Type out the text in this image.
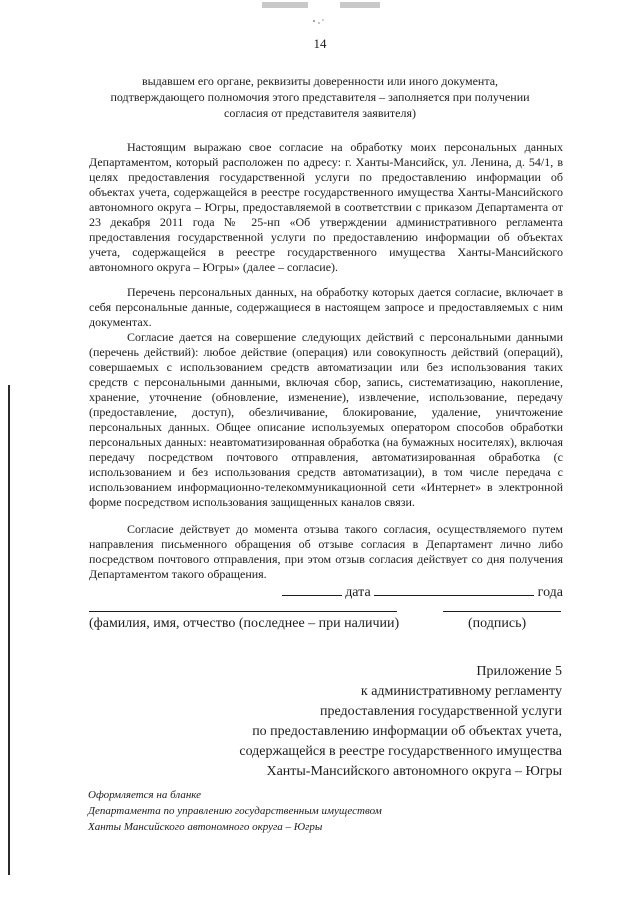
14
выдавшем его органе, реквизиты доверенности или иного документа,
подтверждающего полномочия этого представителя – заполняется при получении
согласия от представителя заявителя)

Настоящим выражаю свое согласие на обработку моих персональных данных Департаментом, который расположен по адресу: г. Ханты-Мансийск, ул. Ленина, д. 54/1, в целях предоставления государственной услуги по предоставлению информации об объектах учета, содержащейся в реестре государственного имущества Ханты-Мансийского автономного округа – Югры, предоставляемой в соответствии с приказом Департамента от 23 декабря 2011 года № 25-нп «Об утверждении административного регламента предоставления государственной услуги по предоставлению информации об объектах учета, содержащейся в реестре государственного имущества Ханты-Мансийского автономного округа – Югры» (далее – согласие).

Перечень персональных данных, на обработку которых дается согласие, включает в себя персональные данные, содержащиеся в настоящем запросе и предоставляемых с ним документах.

Согласие дается на совершение следующих действий с персональными данными (перечень действий): любое действие (операция) или совокупность действий (операций), совершаемых с использованием средств автоматизации или без использования таких средств с персональными данными, включая сбор, запись, систематизацию, накопление, хранение, уточнение (обновление, изменение), извлечение, использование, передачу (предоставление, доступ), обезличивание, блокирование, удаление, уничтожение персональных данных. Общее описание используемых оператором способов обработки персональных данных: неавтоматизированная обработка (на бумажных носителях), включая передачу посредством почтового отправления, автоматизированная обработка (с использованием и без использования средств автоматизации), в том числе передача с использованием информационно-телекоммуникационной сети «Интернет» в электронной форме посредством использования защищенных каналов связи.

Согласие действует до момента отзыва такого согласия, осуществляемого путем направления письменного обращения об отзыве согласия в Департамент лично либо посредством почтового отправления, при этом отзыв согласия действует со дня получения Департаментом такого обращения.

дата	года
(фамилия, имя, отчество (последнее – при наличии)	(подпись)
Приложение 5
к административному регламенту
предоставления государственной услуги
по предоставлению информации об объектах учета,
содержащейся в реестре государственного имущества
Ханты-Мансийского автономного округа – Югры
Оформляется на бланке
Департамента по управлению государственным имуществом
Ханты Мансийского автономного округа – Югры
